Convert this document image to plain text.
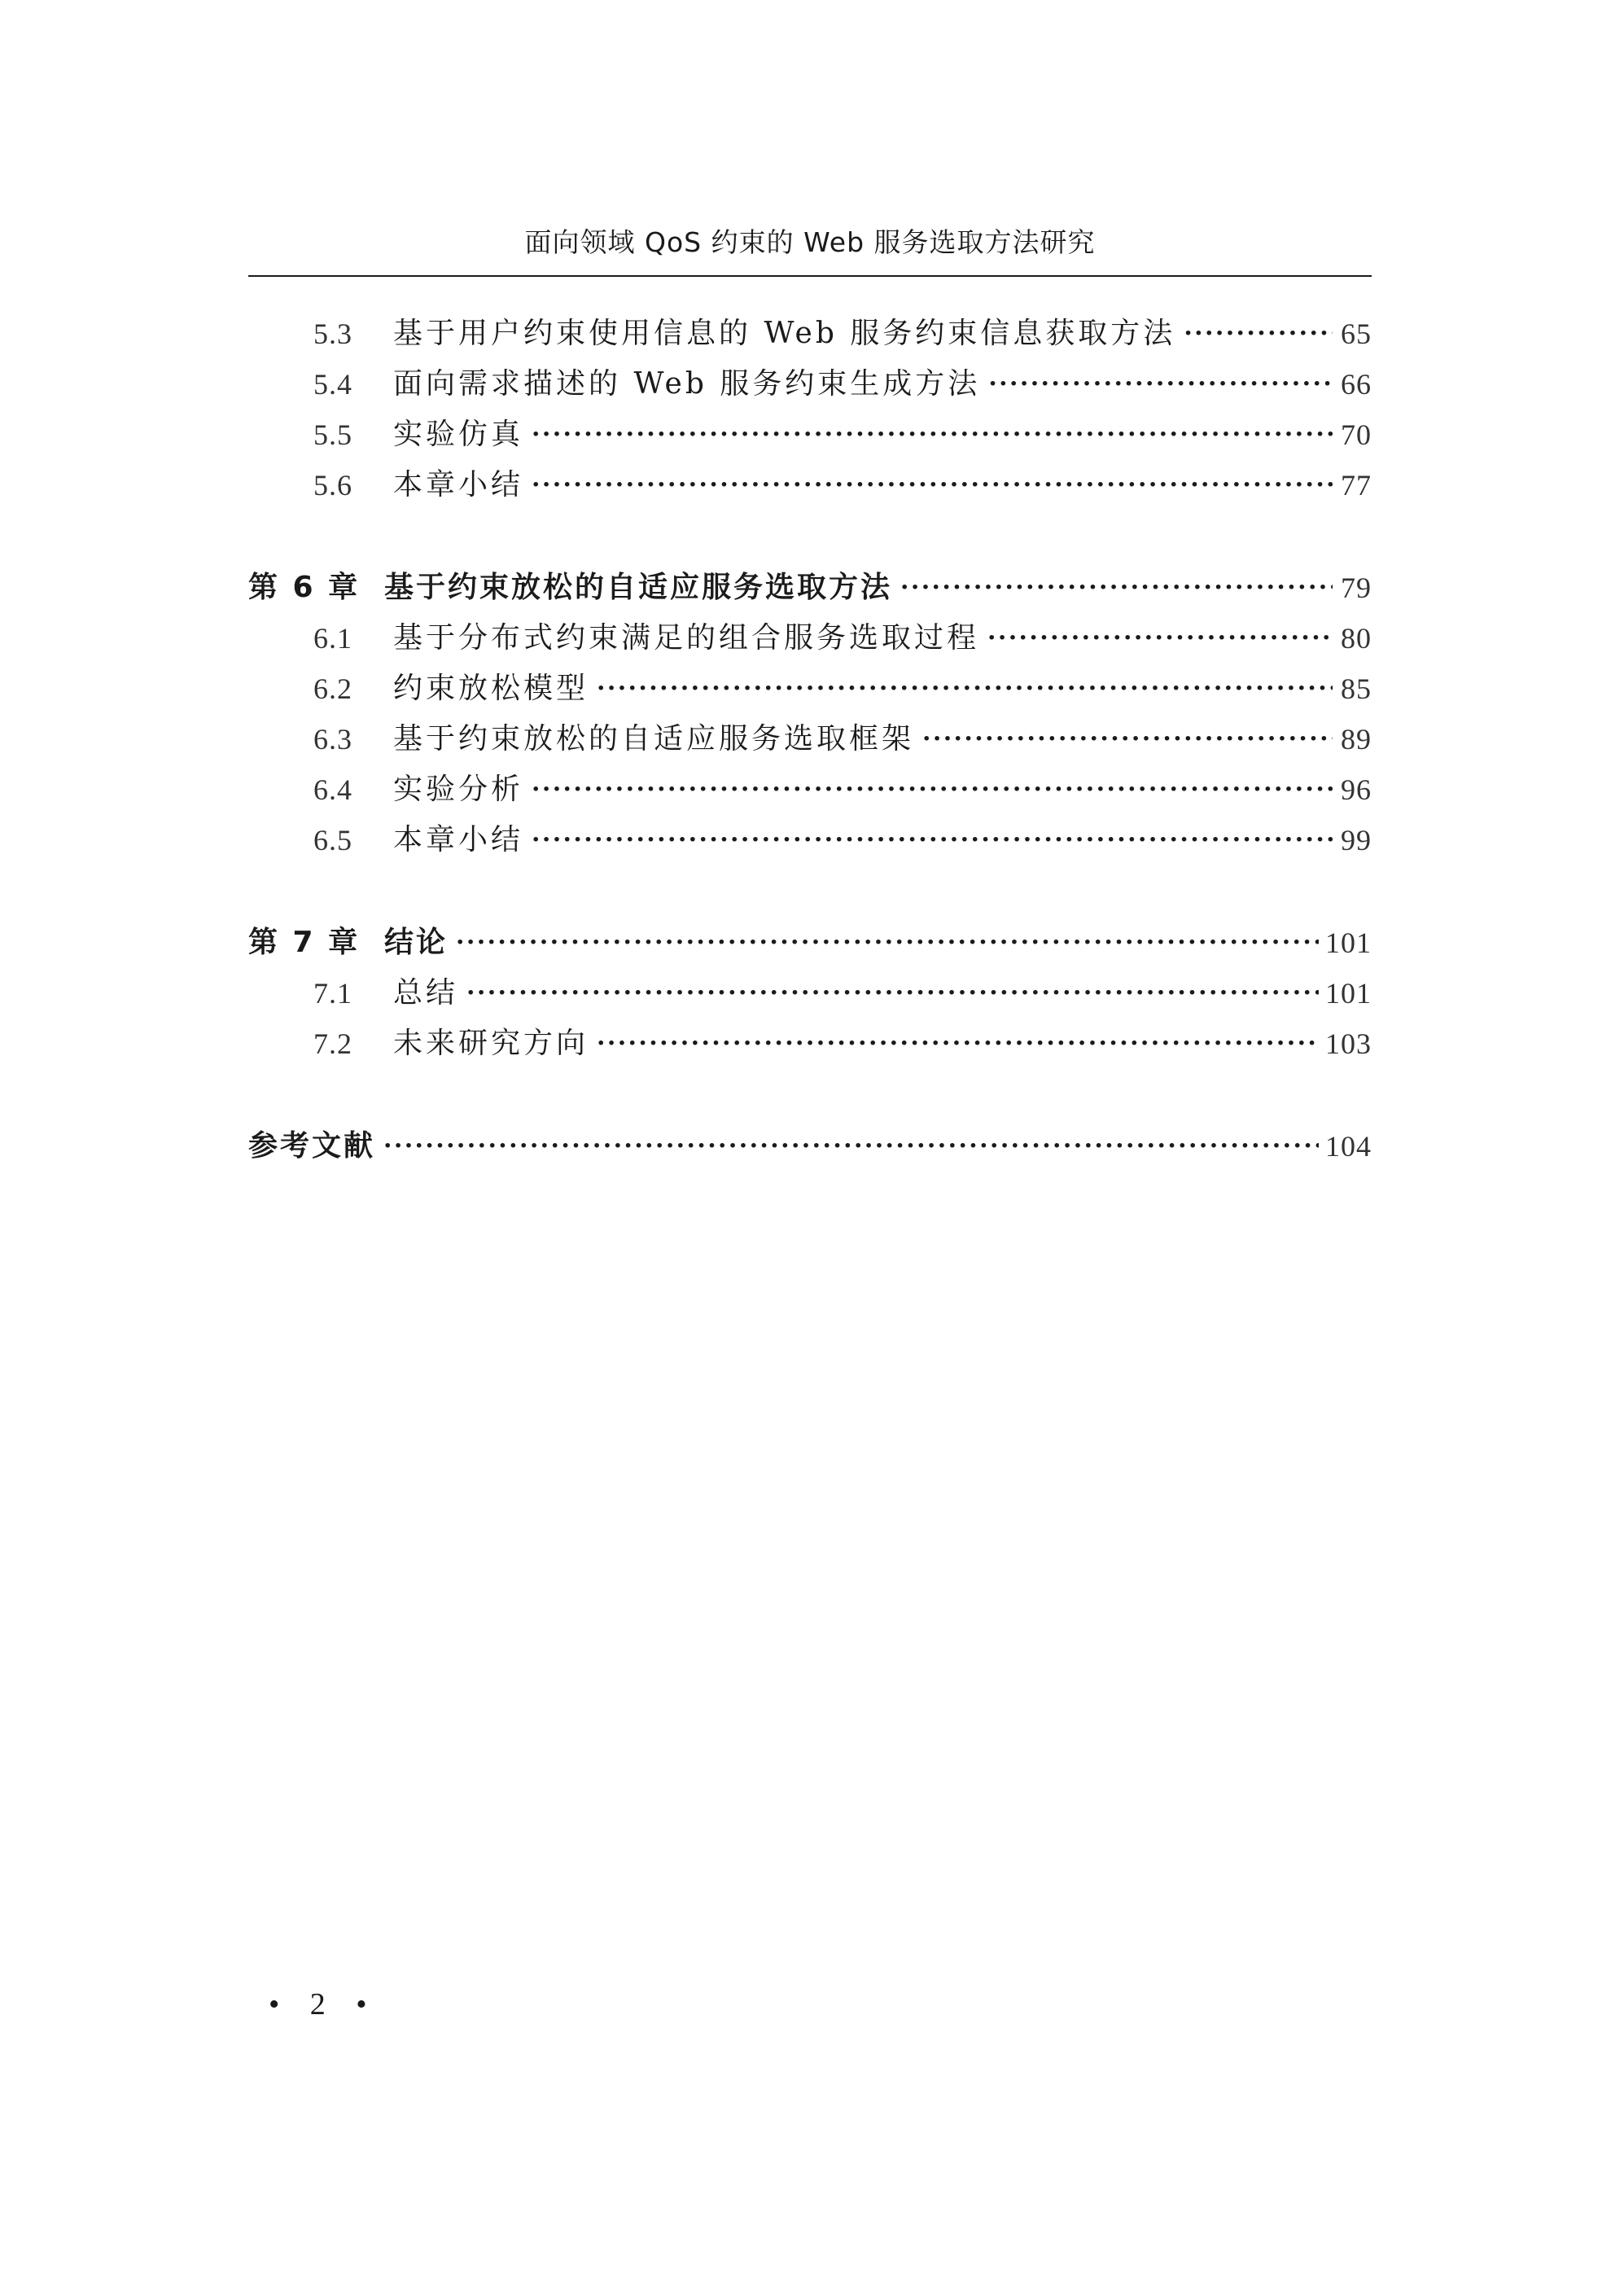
面向领域 QoS 约束的 Web 服务选取方法研究
5.3	基于用户约束使用信息的 Web 服务约束信息获取方法 ·····	65
5.4	面向需求描述的 Web 服务约束生成方法 ·····	66
5.5	实验仿真 ·····	70
5.6	本章小结 ·····	77
第 6 章 基于约束放松的自适应服务选取方法 ·····	79
6.1	基于分布式约束满足的组合服务选取过程 ·····	80
6.2	约束放松模型 ·····	85
6.3	基于约束放松的自适应服务选取框架 ·····	89
6.4	实验分析 ·····	96
6.5	本章小结 ·····	99
第 7 章 结论 ·····	101
7.1	总结 ·····	101
7.2	未来研究方向 ·····	103
参考文献 ·····	104
• 2 •
